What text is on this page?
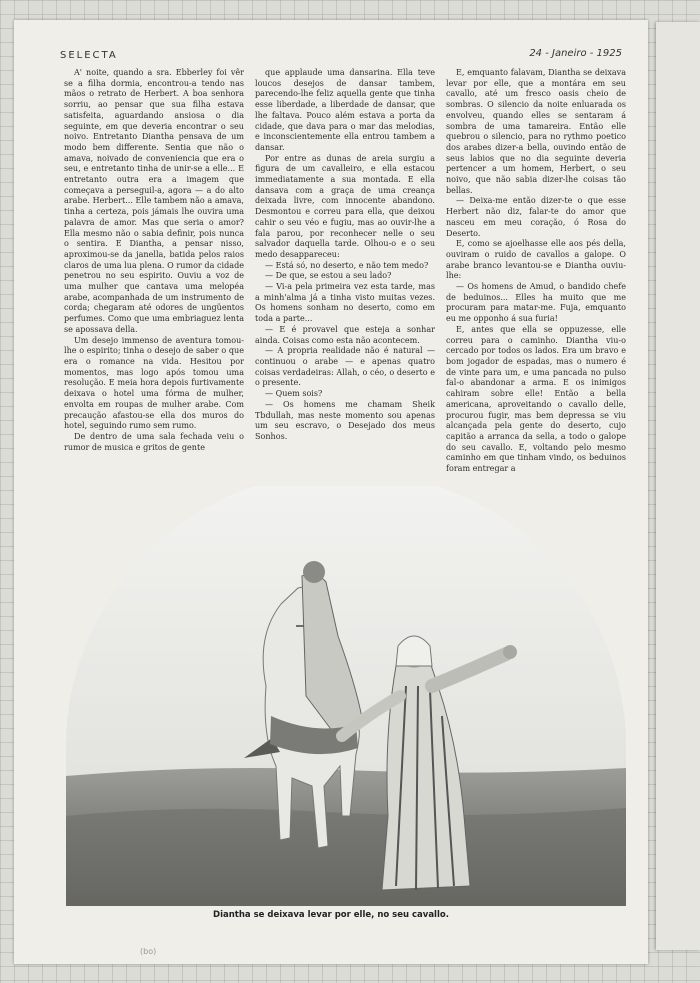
SELECTA	24 - Janeiro - 1925

A' noite, quando a sra. Ebberley foi vêr se a filha dormia, encontrou-a tendo nas mãos o retrato de Herbert. A boa senhora sorriu, ao pensar que sua filha estava satisfeita, aguardando ansiosa o dia seguinte, em que deveria encontrar o seu noivo. Entretanto Diantha pensava de um modo bem differente. Sentia que não o amava, noivado de conveniencia que era o seu, e entretanto tinha de unir-se a elle... E entretanto outra era a imagem que começava a perseguil-a, agora — a do alto arabe. Herbert... Elle tambem não a amava, tinha a certeza, pois jámais lhe ouvira uma palavra de amor. Mas que seria o amor? Ella mesmo não o sabia definir, pois nunca o sentira. E Diantha, a pensar nisso, aproximou-se da janella, batida pelos raios claros de uma lua plena. O rumor da cidade penetrou no seu espirito. Ouviu a voz de uma mulher que cantava uma melopéa arabe, acompanhada de um instrumento de corda; chegaram até odores de ungüentos perfumes. Como que uma embriaguez lenta se apossava della.

Um desejo immenso de aventura tomou-lhe o espirito; tinha o desejo de saber o que era o romance na vida. Hesitou por momentos, mas logo após tomou uma resolução. E meia hora depois furtivamente deixava o hotel uma fórma de mulher, envolta em roupas de mulher arabe. Com precaução afastou-se ella dos muros do hotel, seguindo rumo sem rumo.

De dentro de uma sala fechada veiu o rumor de musica e gritos de gente

que applaude uma dansarina. Ella teve loucos desejos de dansar tambem, parecendo-lhe feliz aquella gente que tinha esse liberdade, a liberdade de dansar, que lhe faltava. Pouco além estava a porta da cidade, que dava para o mar das melodias, e inconscientemente ella entrou tambem a dansar.

Por entre as dunas de areia surgiu a figura de um cavalleiro, e ella estacou immediatamente a sua montada. E ella dansava com a graça de uma creança deixada livre, com innocente abandono. Desmontou e correu para ella, que deixou cahir o seu véo e fugiu, mas ao ouvir-lhe a fala parou, por reconhecer nelle o seu salvador daquella tarde. Olhou-o e o seu medo desappareceu:

— Está só, no deserto, e não tem medo?

— De que, se estou a seu lado?

— Vi-a pela primeira vez esta tarde, mas a minh'alma já a tinha visto muitas vezes. Os homens sonham no deserto, como em toda a parte...

— E é provavel que esteja a sonhar ainda. Coisas como esta não acontecem.

— A propria realidade não é natural — continuou o arabe — e apenas quatro coisas verdadeiras: Allah, o céo, o deserto e o presente.

— Quem sois?

— Os homens me chamam Sheik Tbdullah, mas neste momento sou apenas um seu escravo, o Desejado dos meus Sonhos.

E, emquanto falavam, Diantha se deixava levar por elle, que a montára em seu cavallo, até um fresco oasis cheio de sombras. O silencio da noite enluarada os envolveu, quando elles se sentaram á sombra de uma tamareira. Então elle quebrou o silencio, para no rythmo poetico dos arabes dizer-a bella, ouvindo então de seus labios que no dia seguinte deveria pertencer a um homem, Herbert, o seu noivo, que não sabia dizer-lhe coisas tão bellas.

— Deixa-me então dizer-te o que esse Herbert não diz, falar-te do amor que nasceu em meu coração, ó Rosa do Deserto.

E, como se ajoelhasse elle aos pés della, ouviram o ruido de cavallos a galope. O arabe branco levantou-se e Diantha ouviu-lhe:

— Os homens de Amud, o bandido chefe de beduinos... Elles ha muito que me procuram para matar-me. Fuja, emquanto eu me opponho á sua furia!

E, antes que ella se oppuzesse, elle correu para o caminho. Diantha viu-o cercado por todos os lados. Era um bravo e bom jogador de espadas, mas o numero é de vinte para um, e uma pancada no pulso fal-o abandonar a arma. E os inimigos cahiram sobre elle! Então a bella americana, aproveitando o cavallo delle, procurou fugir, mas bem depressa se viu alcançada pela gente do deserto, cujo capitão a arranca da sella, a todo o galope do seu cavallo. E, voltando pelo mesmo caminho em que tinham vindo, os beduinos foram entregar a

Diantha se deixava levar por elle, no seu cavallo.
(bo)
